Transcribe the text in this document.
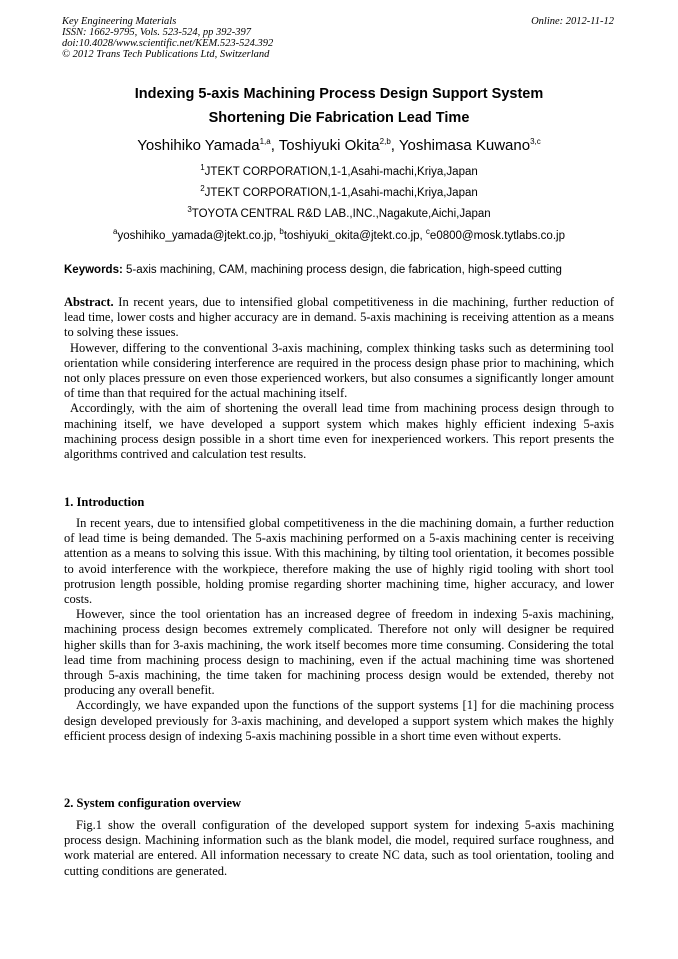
Key Engineering Materials
ISSN: 1662-9795, Vols. 523-524, pp 392-397
doi:10.4028/www.scientific.net/KEM.523-524.392
© 2012 Trans Tech Publications Ltd, Switzerland
Online: 2012-11-12
Indexing 5-axis Machining Process Design Support System
Shortening Die Fabrication Lead Time
Yoshihiko Yamada$^{1,a}$, Toshiyuki Okita$^{2,b}$, Yoshimasa Kuwano$^{3,c}$
$^1$JTEKT CORPORATION,1-1,Asahi-machi,Kriya,Japan
$^2$JTEKT CORPORATION,1-1,Asahi-machi,Kriya,Japan
$^3$TOYOTA CENTRAL R&D LAB.,INC.,Nagakute,Aichi,Japan
$^a$yoshihiko_yamada@jtekt.co.jp, $^b$toshiyuki_okita@jtekt.co.jp, $^c$e0800@mosk.tytlabs.co.jp
Keywords: 5-axis machining, CAM, machining process design, die fabrication, high-speed cutting

Abstract. In recent years, due to intensified global competitiveness in die machining, further reduction of lead time, lower costs and higher accuracy are in demand. 5-axis machining is receiving attention as a means to solving these issues.

However, differing to the conventional 3-axis machining, complex thinking tasks such as determining tool orientation while considering interference are required in the process design phase prior to machining, which not only places pressure on even those experienced workers, but also consumes a significantly longer amount of time than that required for the actual machining itself.

Accordingly, with the aim of shortening the overall lead time from machining process design through to machining itself, we have developed a support system which makes highly efficient indexing 5-axis machining process design possible in a short time even for inexperienced workers. This report presents the algorithms contrived and calculation test results.

1. Introduction

In recent years, due to intensified global competitiveness in the die machining domain, a further reduction of lead time is being demanded. The 5-axis machining performed on a 5-axis machining center is receiving attention as a means to solving this issue. With this machining, by tilting tool orientation, it becomes possible to avoid interference with the workpiece, therefore making the use of highly rigid tooling with short tool protrusion length possible, holding promise regarding shorter machining time, higher accuracy, and lower costs.

However, since the tool orientation has an increased degree of freedom in indexing 5-axis machining, machining process design becomes extremely complicated. Therefore not only will designer be required higher skills than for 3-axis machining, the work itself becomes more time consuming. Considering the total lead time from machining process design to machining, even if the actual machining time was shortened through 5-axis machining, the time taken for machining process design would be extended, thereby not producing any overall benefit.

Accordingly, we have expanded upon the functions of the support systems [1] for die machining process design developed previously for 3-axis machining, and developed a support system which makes the highly efficient process design of indexing 5-axis machining possible in a short time even without experts.

2. System configuration overview

Fig.1 show the overall configuration of the developed support system for indexing 5-axis machining process design. Machining information such as the blank model, die model, required surface roughness, and work material are entered. All information necessary to create NC data, such as tool orientation, tooling and cutting conditions are generated.
